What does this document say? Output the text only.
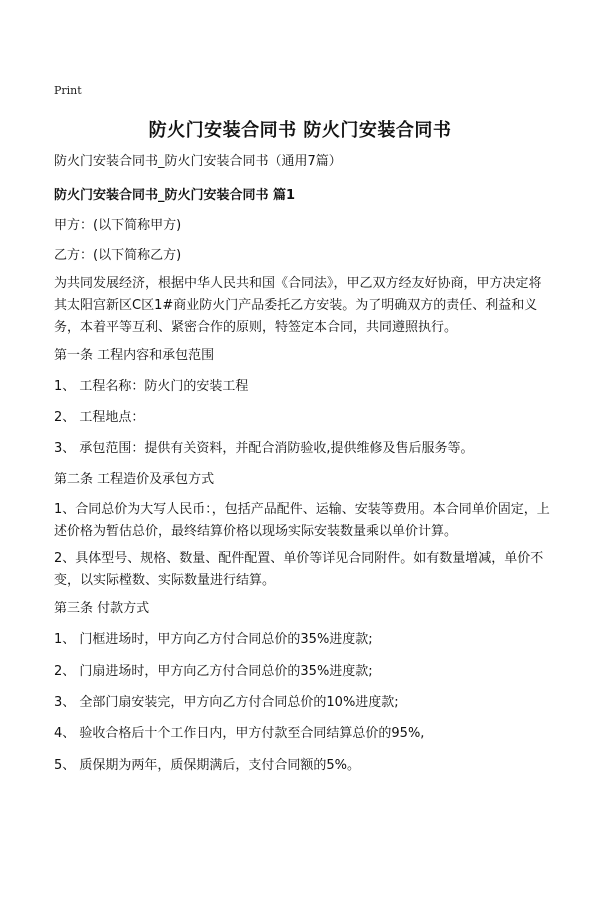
Print
防火门安装合同书 防火门安装合同书
防火门安装合同书_防火门安装合同书（通用7篇）
防火门安装合同书_防火门安装合同书 篇1
甲方：(以下简称甲方)
乙方：(以下简称乙方)
为共同发展经济，根据中华人民共和国《合同法》，甲乙双方经友好协商，甲方决定将其太阳宫新区C区1#商业防火门产品委托乙方安装。为了明确双方的责任、利益和义务，本着平等互利、紧密合作的原则，特签定本合同，共同遵照执行。
第一条 工程内容和承包范围
1、 工程名称：防火门的安装工程
2、 工程地点：
3、 承包范围：提供有关资料，并配合消防验收,提供维修及售后服务等。
第二条 工程造价及承包方式
1、合同总价为大写人民币：，包括产品配件、运输、安装等费用。本合同单价固定，上述价格为暂估总价，最终结算价格以现场实际安装数量乘以单价计算。
2、具体型号、规格、数量、配件配置、单价等详见合同附件。如有数量增减，单价不变，以实际樘数、实际数量进行结算。
第三条 付款方式
1、 门框进场时，甲方向乙方付合同总价的35%进度款;
2、 门扇进场时，甲方向乙方付合同总价的35%进度款;
3、 全部门扇安装完，甲方向乙方付合同总价的10%进度款;
4、 验收合格后十个工作日内，甲方付款至合同结算总价的95%,
5、 质保期为两年，质保期满后，支付合同额的5%。
